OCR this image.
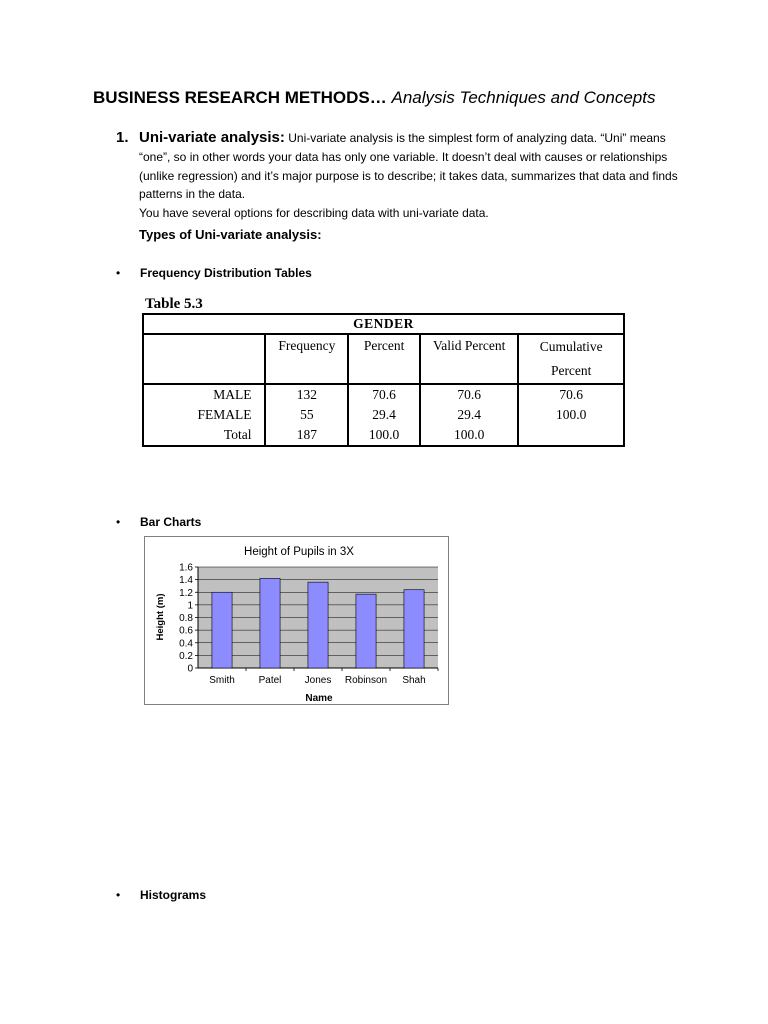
BUSINESS RESEARCH METHODS… Analysis Techniques and Concepts
1. Uni-variate analysis: Uni-variate analysis is the simplest form of analyzing data. “Uni” means “one”, so in other words your data has only one variable. It doesn’t deal with causes or relationships (unlike regression) and it’s major purpose is to describe; it takes data, summarizes that data and finds patterns in the data.
You have several options for describing data with uni-variate data.
Types of Uni-variate analysis:
• Frequency Distribution Tables
Table 5.3
GENDER				
	Frequency	Percent	Valid Percent	Cumulative Percent
MALE	132	70.6	70.6	70.6
FEMALE	55	29.4	29.4	100.0
Total	187	100.0	100.0	
• Bar Charts
0
0.2
0.4
0.6
0.8
1
1.2
1.4
1.6
Smith Patel Jones Robinson Shah
Height of Pupils in 3X
Height (m)
Name
• Histograms
